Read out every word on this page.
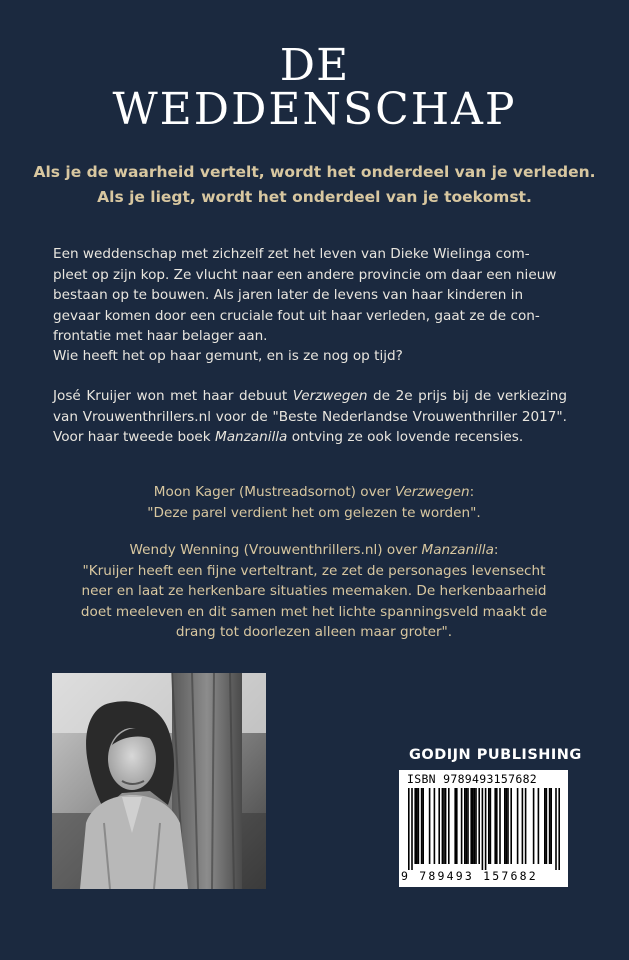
DE
WEDDENSCHAP
Als je de waarheid vertelt, wordt het onderdeel van je verleden.
Als je liegt, wordt het onderdeel van je toekomst.

Een weddenschap met zichzelf zet het leven van Dieke Wielinga com-
pleet op zijn kop. Ze vlucht naar een andere provincie om daar een nieuw
bestaan op te bouwen. Als jaren later de levens van haar kinderen in
gevaar komen door een cruciale fout uit haar verleden, gaat ze de con-
frontatie met haar belager aan.

Wie heeft het op haar gemunt, en is ze nog op tijd?

José Kruijer won met haar debuut Verzwegen de 2e prijs bij de verkiezing van Vrouwenthrillers.nl voor de "Beste Nederlandse Vrouwenthriller 2017". Voor haar tweede boek Manzanilla ontving ze ook lovende recensies.

Moon Kager (Mustreadsornot) over Verzwegen:
"Deze parel verdient het om gelezen te worden".

Wendy Wenning (Vrouwenthrillers.nl) over Manzanilla:
"Kruijer heeft een fijne verteltrant, ze zet de personages levensecht
neer en laat ze herkenbare situaties meemaken. De herkenbaarheid
doet meeleven en dit samen met het lichte spanningsveld maakt de
drang tot doorlezen alleen maar groter".

GODIJN PUBLISHING
ISBN 9789493157682
9 789493 157682
